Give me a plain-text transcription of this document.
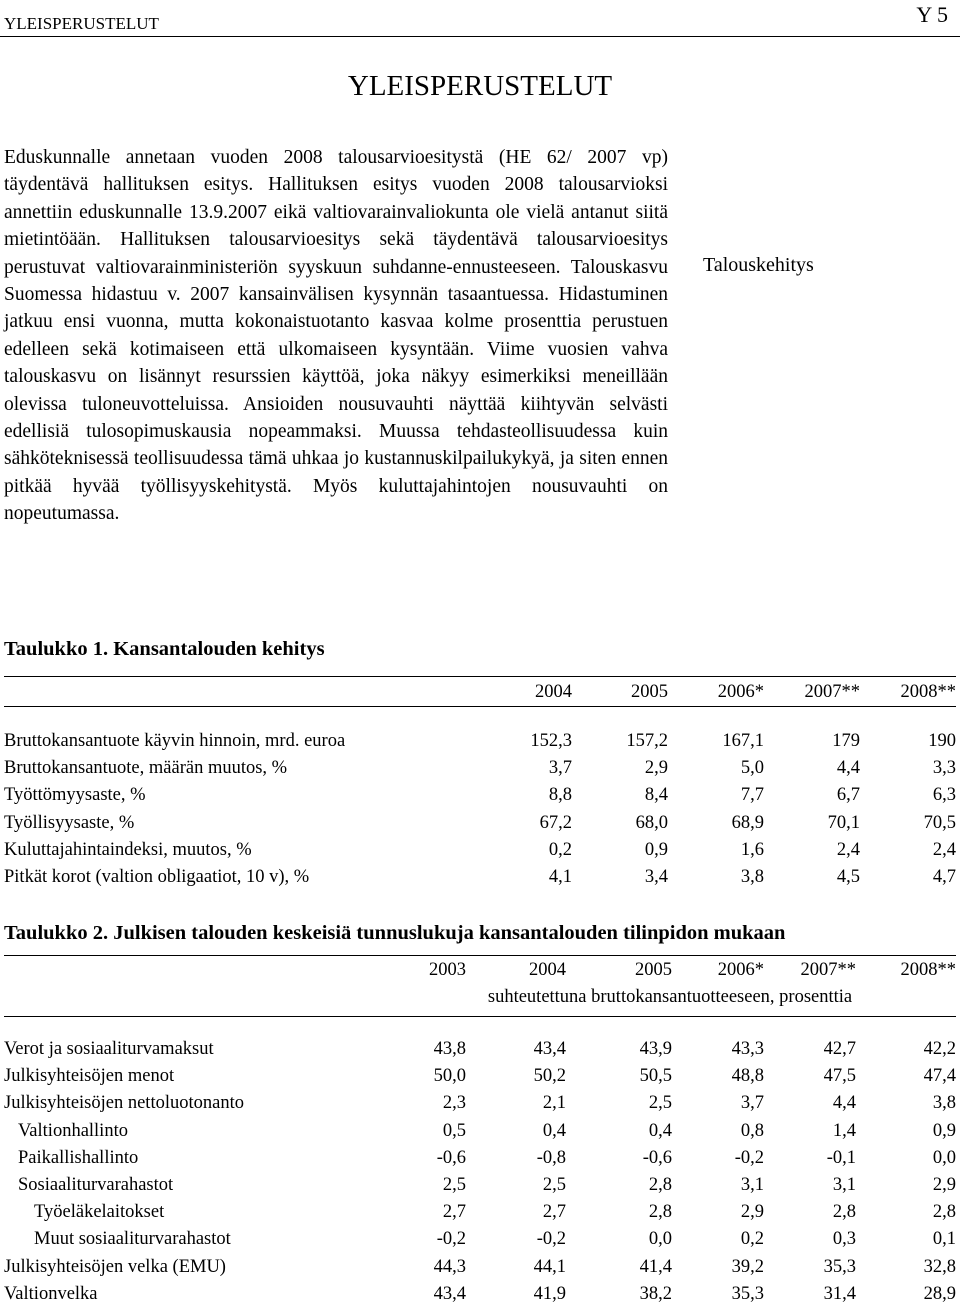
YLEISPERUSTELUT	Y 5
YLEISPERUSTELUT

Eduskunnalle annetaan vuoden 2008 talousarvioesitystä (HE 62/ 2007 vp) täydentävä hallituksen esitys. Hallituksen esitys vuoden 2008 talousarvioksi annettiin eduskunnalle 13.9.2007 eikä valtiovarainvaliokunta ole vielä antanut siitä mietintöään. Hallituksen talousarvioesitys sekä täydentävä talousarvioesitys perustuvat valtiovarainministeriön syyskuun suhdanne-ennusteeseen. Talouskasvu Suomessa hidastuu v. 2007 kansainvälisen kysynnän tasaantuessa. Hidastuminen jatkuu ensi vuonna, mutta kokonaistuotanto kasvaa kolme prosenttia perustuen edelleen sekä kotimaiseen että ulkomaiseen kysyntään. Viime vuosien vahva talouskasvu on lisännyt resurssien käyttöä, joka näkyy esimerkiksi meneillään olevissa tuloneuvotteluissa. Ansioiden nousuvauhti näyttää kiihtyvän selvästi edellisiä tulosopimuskausia nopeammaksi. Muussa tehdasteollisuudessa kuin sähköteknisessä teollisuudessa tämä uhkaa jo kustannuskilpailukykyä, ja siten ennen pitkää hyvää työllisyyskehitystä. Myös kuluttajahintojen nousuvauhti on nopeutumassa.

Talouskehitys
Taulukko 1. Kansantalouden kehitys
	2004	2005	2006*	2007**	2008**

Bruttokansantuote käyvin hinnoin, mrd. euroa	152,3	157,2	167,1	179	190
Bruttokansantuote, määrän muutos, %	3,7	2,9	5,0	4,4	3,3
Työttömyysaste, %	8,8	8,4	7,7	6,7	6,3
Työllisyysaste, %	67,2	68,0	68,9	70,1	70,5
Kuluttajahintaindeksi, muutos, %	0,2	0,9	1,6	2,4	2,4
Pitkät korot (valtion obligaatiot, 10 v), %	4,1	3,4	3,8	4,5	4,7
Taulukko 2. Julkisen talouden keskeisiä tunnuslukuja kansantalouden tilinpidon mukaan
	2003	2004	2005	2006*	2007**	2008**
suhteutettuna bruttokansantuotteeseen, prosenttia						

Verot ja sosiaaliturvamaksut	43,8	43,4	43,9	43,3	42,7	42,2
Julkisyhteisöjen menot	50,0	50,2	50,5	48,8	47,5	47,4
Julkisyhteisöjen nettoluotonanto	2,3	2,1	2,5	3,7	4,4	3,8
Valtionhallinto	0,5	0,4	0,4	0,8	1,4	0,9
Paikallishallinto	-0,6	-0,8	-0,6	-0,2	-0,1	0,0
Sosiaaliturvarahastot	2,5	2,5	2,8	3,1	3,1	2,9
Työeläkelaitokset	2,7	2,7	2,8	2,9	2,8	2,8
Muut sosiaaliturvarahastot	-0,2	-0,2	0,0	0,2	0,3	0,1
Julkisyhteisöjen velka (EMU)	44,3	44,1	41,4	39,2	35,3	32,8
Valtionvelka	43,4	41,9	38,2	35,3	31,4	28,9
